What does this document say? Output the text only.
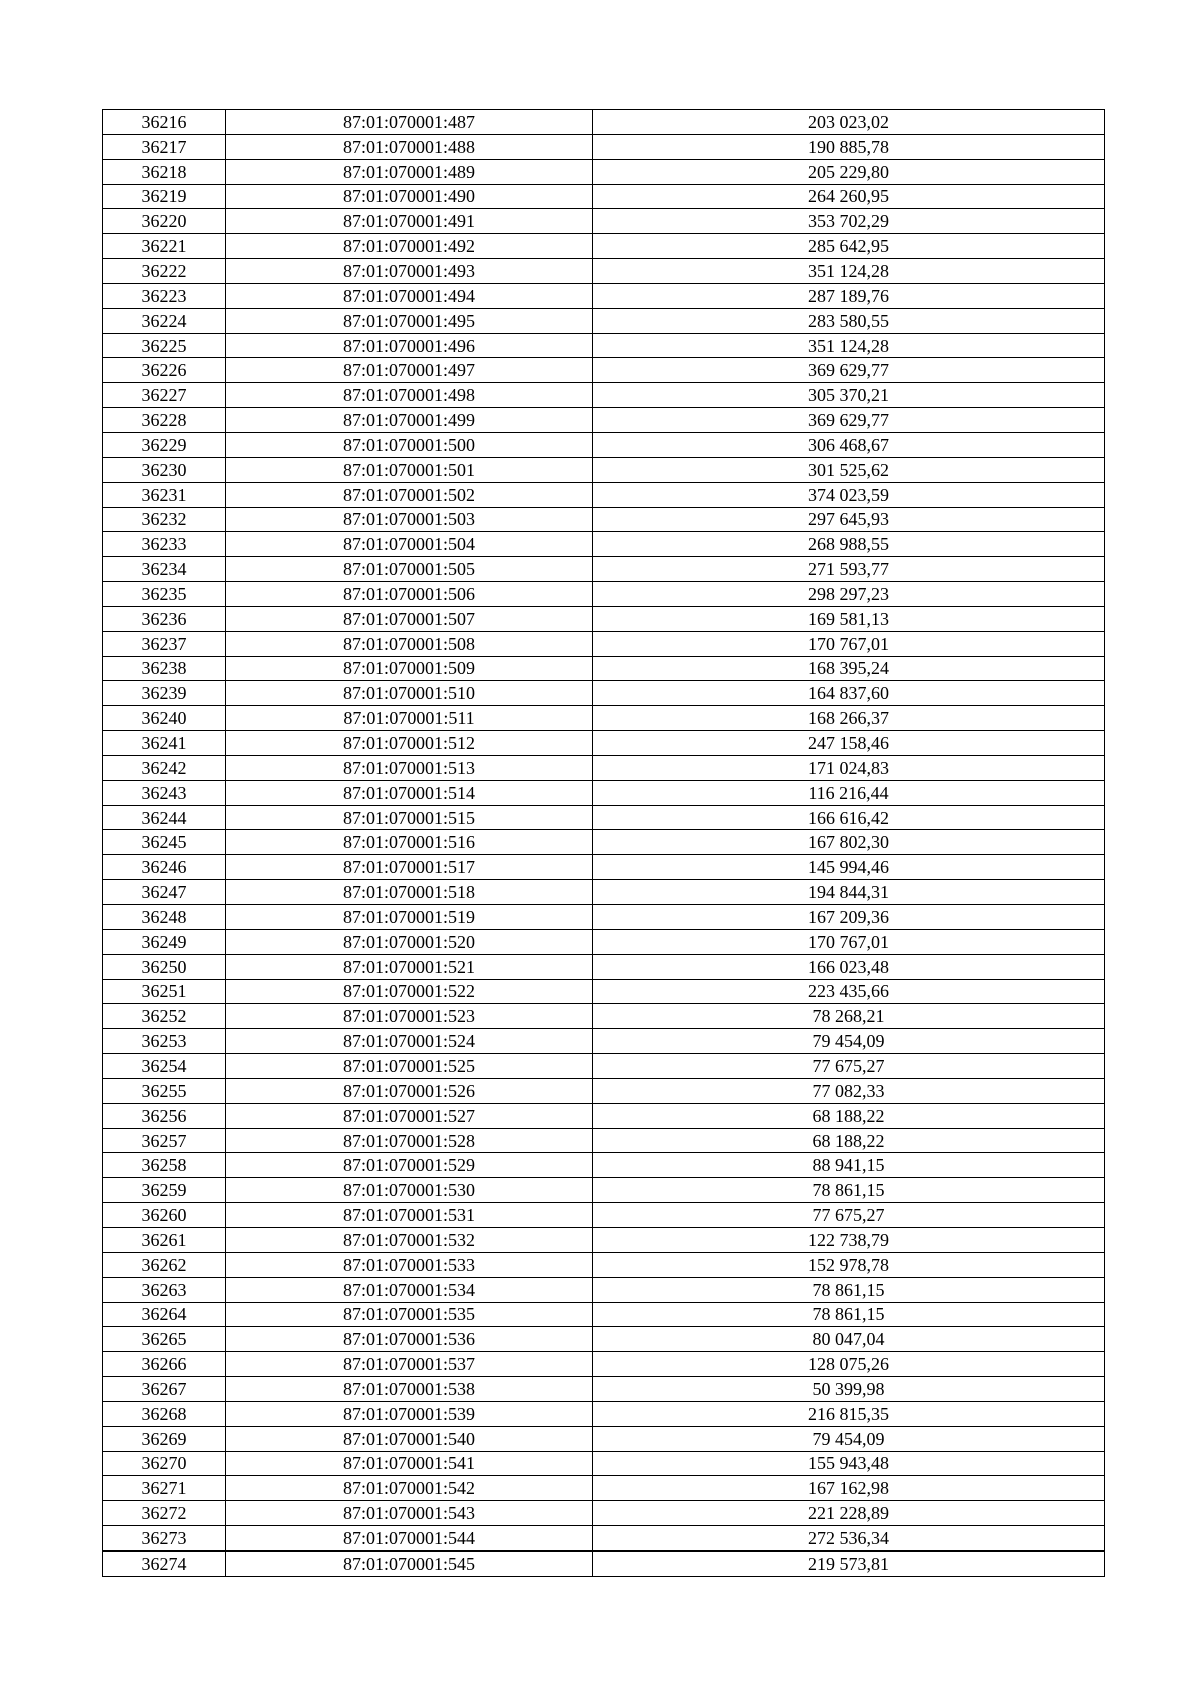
36216	87:01:070001:487	203 023,02
36217	87:01:070001:488	190 885,78
36218	87:01:070001:489	205 229,80
36219	87:01:070001:490	264 260,95
36220	87:01:070001:491	353 702,29
36221	87:01:070001:492	285 642,95
36222	87:01:070001:493	351 124,28
36223	87:01:070001:494	287 189,76
36224	87:01:070001:495	283 580,55
36225	87:01:070001:496	351 124,28
36226	87:01:070001:497	369 629,77
36227	87:01:070001:498	305 370,21
36228	87:01:070001:499	369 629,77
36229	87:01:070001:500	306 468,67
36230	87:01:070001:501	301 525,62
36231	87:01:070001:502	374 023,59
36232	87:01:070001:503	297 645,93
36233	87:01:070001:504	268 988,55
36234	87:01:070001:505	271 593,77
36235	87:01:070001:506	298 297,23
36236	87:01:070001:507	169 581,13
36237	87:01:070001:508	170 767,01
36238	87:01:070001:509	168 395,24
36239	87:01:070001:510	164 837,60
36240	87:01:070001:511	168 266,37
36241	87:01:070001:512	247 158,46
36242	87:01:070001:513	171 024,83
36243	87:01:070001:514	116 216,44
36244	87:01:070001:515	166 616,42
36245	87:01:070001:516	167 802,30
36246	87:01:070001:517	145 994,46
36247	87:01:070001:518	194 844,31
36248	87:01:070001:519	167 209,36
36249	87:01:070001:520	170 767,01
36250	87:01:070001:521	166 023,48
36251	87:01:070001:522	223 435,66
36252	87:01:070001:523	78 268,21
36253	87:01:070001:524	79 454,09
36254	87:01:070001:525	77 675,27
36255	87:01:070001:526	77 082,33
36256	87:01:070001:527	68 188,22
36257	87:01:070001:528	68 188,22
36258	87:01:070001:529	88 941,15
36259	87:01:070001:530	78 861,15
36260	87:01:070001:531	77 675,27
36261	87:01:070001:532	122 738,79
36262	87:01:070001:533	152 978,78
36263	87:01:070001:534	78 861,15
36264	87:01:070001:535	78 861,15
36265	87:01:070001:536	80 047,04
36266	87:01:070001:537	128 075,26
36267	87:01:070001:538	50 399,98
36268	87:01:070001:539	216 815,35
36269	87:01:070001:540	79 454,09
36270	87:01:070001:541	155 943,48
36271	87:01:070001:542	167 162,98
36272	87:01:070001:543	221 228,89
36273	87:01:070001:544	272 536,34
36274	87:01:070001:545	219 573,81
